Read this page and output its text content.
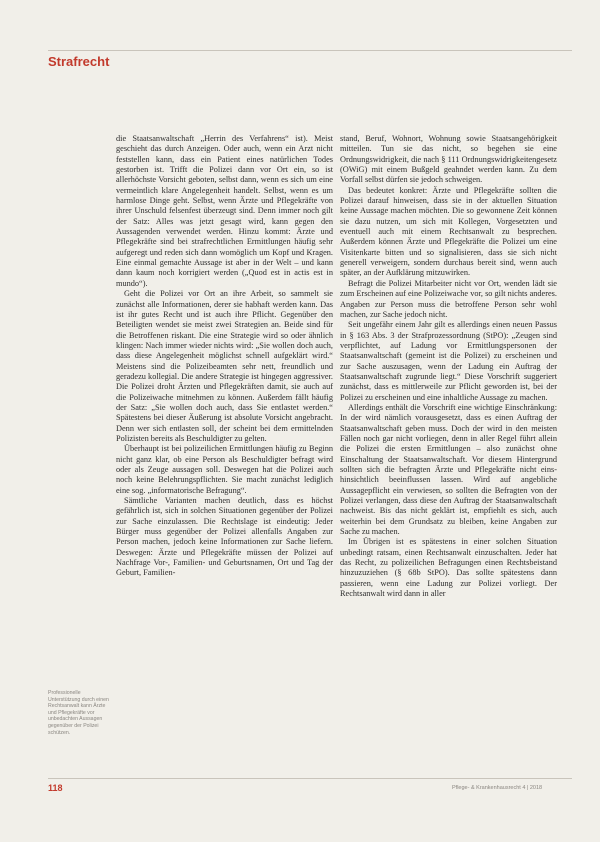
Strafrecht

die Staatsanwaltschaft „Herrin des Verfahrens“ ist). Meist geschieht das durch Anzeigen. Oder auch, wenn ein Arzt nicht feststellen kann, dass ein Patient eines natürlichen Todes gestorben ist. Trifft die Polizei dann vor Ort ein, so ist allerhöchste Vorsicht geboten, selbst dann, wenn es sich um eine vermeintlich klare Angelegenheit handelt. Selbst, wenn es um harmlose Dinge geht. Selbst, wenn Ärzte und Pflegekräfte von ihrer Unschuld felsenfest überzeugt sind. Denn immer noch gilt der Satz: Alles was jetzt gesagt wird, kann gegen den Aussagenden verwendet werden. Hinzu kommt: Ärzte und Pflegekräfte sind bei strafrechtlichen Ermittlungen häufig sehr aufgeregt und reden sich dann womöglich um Kopf und Kragen. Eine einmal gemachte Aussage ist aber in der Welt – und kann dann kaum noch korrigiert werden („Quod est in actis est in mundo“).

Geht die Polizei vor Ort an ihre Arbeit, so sammelt sie zunächst alle Informationen, derer sie habhaft werden kann. Das ist ihr gutes Recht und ist auch ihre Pflicht. Gegenüber den Beteiligten wendet sie meist zwei Strategien an. Beide sind für die Betroffenen riskant. Die eine Strategie wird so oder ähnlich klingen: Nach immer wieder nichts wird: „Sie wollen doch auch, dass diese Angelegenheit möglichst schnell aufgeklärt wird.“ Meistens sind die Polizeibeamten sehr nett, freundlich und geradezu kollegial. Die andere Strategie ist hingegen aggressiver. Die Polizei droht Ärzten und Pflegekräften damit, sie auch auf die Polizeiwache mitnehmen zu können. Außerdem fällt häufig der Satz: „Sie wollen doch auch, dass Sie entlastet werden.“ Spätestens bei dieser Äußerung ist absolute Vorsicht angebracht. Denn wer sich entlasten soll, der scheint bei dem ermittelnden Polizisten bereits als Beschuldigter zu gelten.

Überhaupt ist bei polizeilichen Ermittlungen häufig zu Beginn nicht ganz klar, ob eine Person als Beschuldigter befragt wird oder als Zeuge aussagen soll. Deswegen hat die Polizei auch noch keine Belehrungspflichten. Sie macht zunächst lediglich eine sog. „informatorische Befragung“.

Sämtliche Varianten machen deutlich, dass es höchst gefährlich ist, sich in solchen Situationen gegenüber der Polizei zur Sache einzulassen. Die Rechtslage ist eindeutig: Jeder Bürger muss gegenüber der Polizei allenfalls Angaben zur Person machen, jedoch keine Informationen zur Sache liefern. Deswegen: Ärzte und Pflegekräfte müssen der Polizei auf Nachfrage Vor-, Familien- und Geburtsnamen, Ort und Tag der Geburt, Familien-

stand, Beruf, Wohnort, Wohnung sowie Staatsangehörigkeit mitteilen. Tun sie das nicht, so begehen sie eine Ordnungswidrigkeit, die nach § 111 Ordnungswidrigkeitengesetz (OWiG) mit einem Bußgeld geahndet werden kann. Zu dem Vorfall selbst dürfen sie jedoch schweigen.

Das bedeutet konkret: Ärzte und Pflegekräfte sollten die Polizei darauf hinweisen, dass sie in der aktuellen Situation keine Aussage machen möchten. Die so gewonnene Zeit können sie dazu nutzen, um sich mit Kollegen, Vorgesetzten und eventuell auch mit einem Rechtsanwalt zu besprechen. Außerdem können Ärzte und Pflegekräfte die Polizei um eine Visitenkarte bitten und so signalisieren, dass sie sich nicht generell verweigern, sondern durchaus bereit sind, wenn auch später, an der Aufklärung mitzuwirken.

Befragt die Polizei Mitarbeiter nicht vor Ort, wenden lädt sie zum Erscheinen auf eine Polizeiwache vor, so gilt nichts anderes. Angaben zur Person muss die betroffene Person sehr wohl machen, zur Sache jedoch nicht.

Seit ungefähr einem Jahr gilt es allerdings einen neuen Passus in § 163 Abs. 3 der Strafprozessordnung (StPO): „Zeugen sind verpflichtet, auf Ladung vor Ermittlungspersonen der Staatsanwaltschaft (gemeint ist die Polizei) zu erscheinen und zur Sache auszusagen, wenn der Ladung ein Auftrag der Staatsanwaltschaft zugrunde liegt.“ Diese Vorschrift suggeriert zunächst, dass es mittlerweile zur Pflicht geworden ist, bei der Polizei zu erscheinen und eine inhaltliche Aussage zu machen.

Allerdings enthält die Vorschrift eine wichtige Einschränkung: In der wird nämlich vorausgesetzt, dass es einen Auftrag der Staatsanwaltschaft geben muss. Doch der wird in den meisten Fällen noch gar nicht vorliegen, denn in aller Regel führt allein die Polizei die ersten Ermittlungen – also zunächst ohne Einschaltung der Staatsanwaltschaft. Vor diesem Hintergrund sollten sich die befragten Ärzte und Pflegekräfte nicht eins-hinsichtlich beeinflussen lassen. Wird auf angebliche Aussagepflicht ein verwiesen, so sollten die Befragten von der Polizei verlangen, dass diese den Auftrag der Staatsanwaltschaft nachweist. Bis das nicht geklärt ist, empfiehlt es sich, auch weiterhin bei dem Grundsatz zu bleiben, keine Angaben zur Sache zu machen.

Im Übrigen ist es spätestens in einer solchen Situation unbedingt ratsam, einen Rechtsanwalt einzuschalten. Jeder hat das Recht, zu polizeilichen Befragungen einen Rechtsbeistand hinzuzuziehen (§ 68b StPO). Das sollte spätestens dann passieren, wenn eine Ladung zur Polizei vorliegt. Der Rechtsanwalt wird dann in aller

Professionelle Unterstützung durch einen Rechtsanwalt kann Ärzte und Pflegekräfte vor unbedachten Aussagen gegenüber der Polizei schützen.
118	Pflege- & Krankenhausrecht 4 | 2018
